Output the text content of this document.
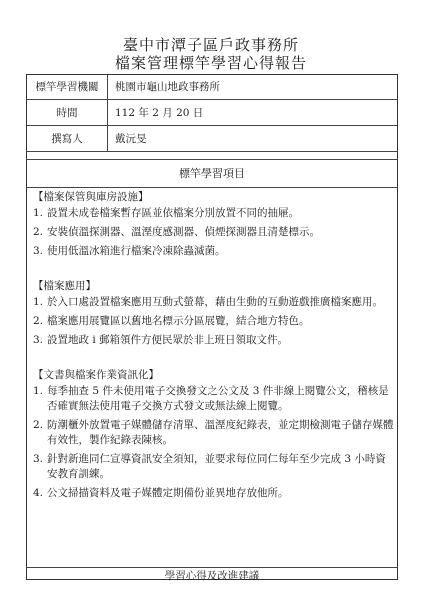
臺中市潭子區戶政事務所
檔案管理標竿學習心得報告
標竿學習機關	桃園市龜山地政事務所
時間	112 年 2 月 20 日
撰寫人	戴沅旻
標竿學習項目
【檔案保管與庫房設施】
1. 設置未成卷檔案暫存區並依檔案分別放置不同的抽屜。
2. 安裝偵溫探測器、溫溼度感測器、偵煙探測器且清楚標示。
3. 使用低溫冰箱進行檔案冷凍除蟲滅菌。
【檔案應用】
1. 於入口處設置檔案應用互動式螢幕，藉由生動的互動遊戲推廣檔案應用。
2. 檔案應用展覽區以舊地名標示分區展覽，結合地方特色。
3. 設置地政 i 郵箱領件方便民眾於非上班日領取文件。
【文書與檔案作業資訊化】
1. 每季抽查 5 件未使用電子交換發文之公文及 3 件非線上閱覽公文，稽核是否確實無法使用電子交換方式發文或無法線上閱覽。
2. 防潮櫃外放置電子媒體儲存清單、溫溼度紀錄表，並定期檢測電子儲存媒體有效性，製作紀錄表陳核。
3. 針對新進同仁宣導資訊安全須知，並要求每位同仁每年至少完成 3 小時資安教育訓練。
4. 公文掃描資料及電子媒體定期備份並異地存放他所。
學習心得及改進建議
